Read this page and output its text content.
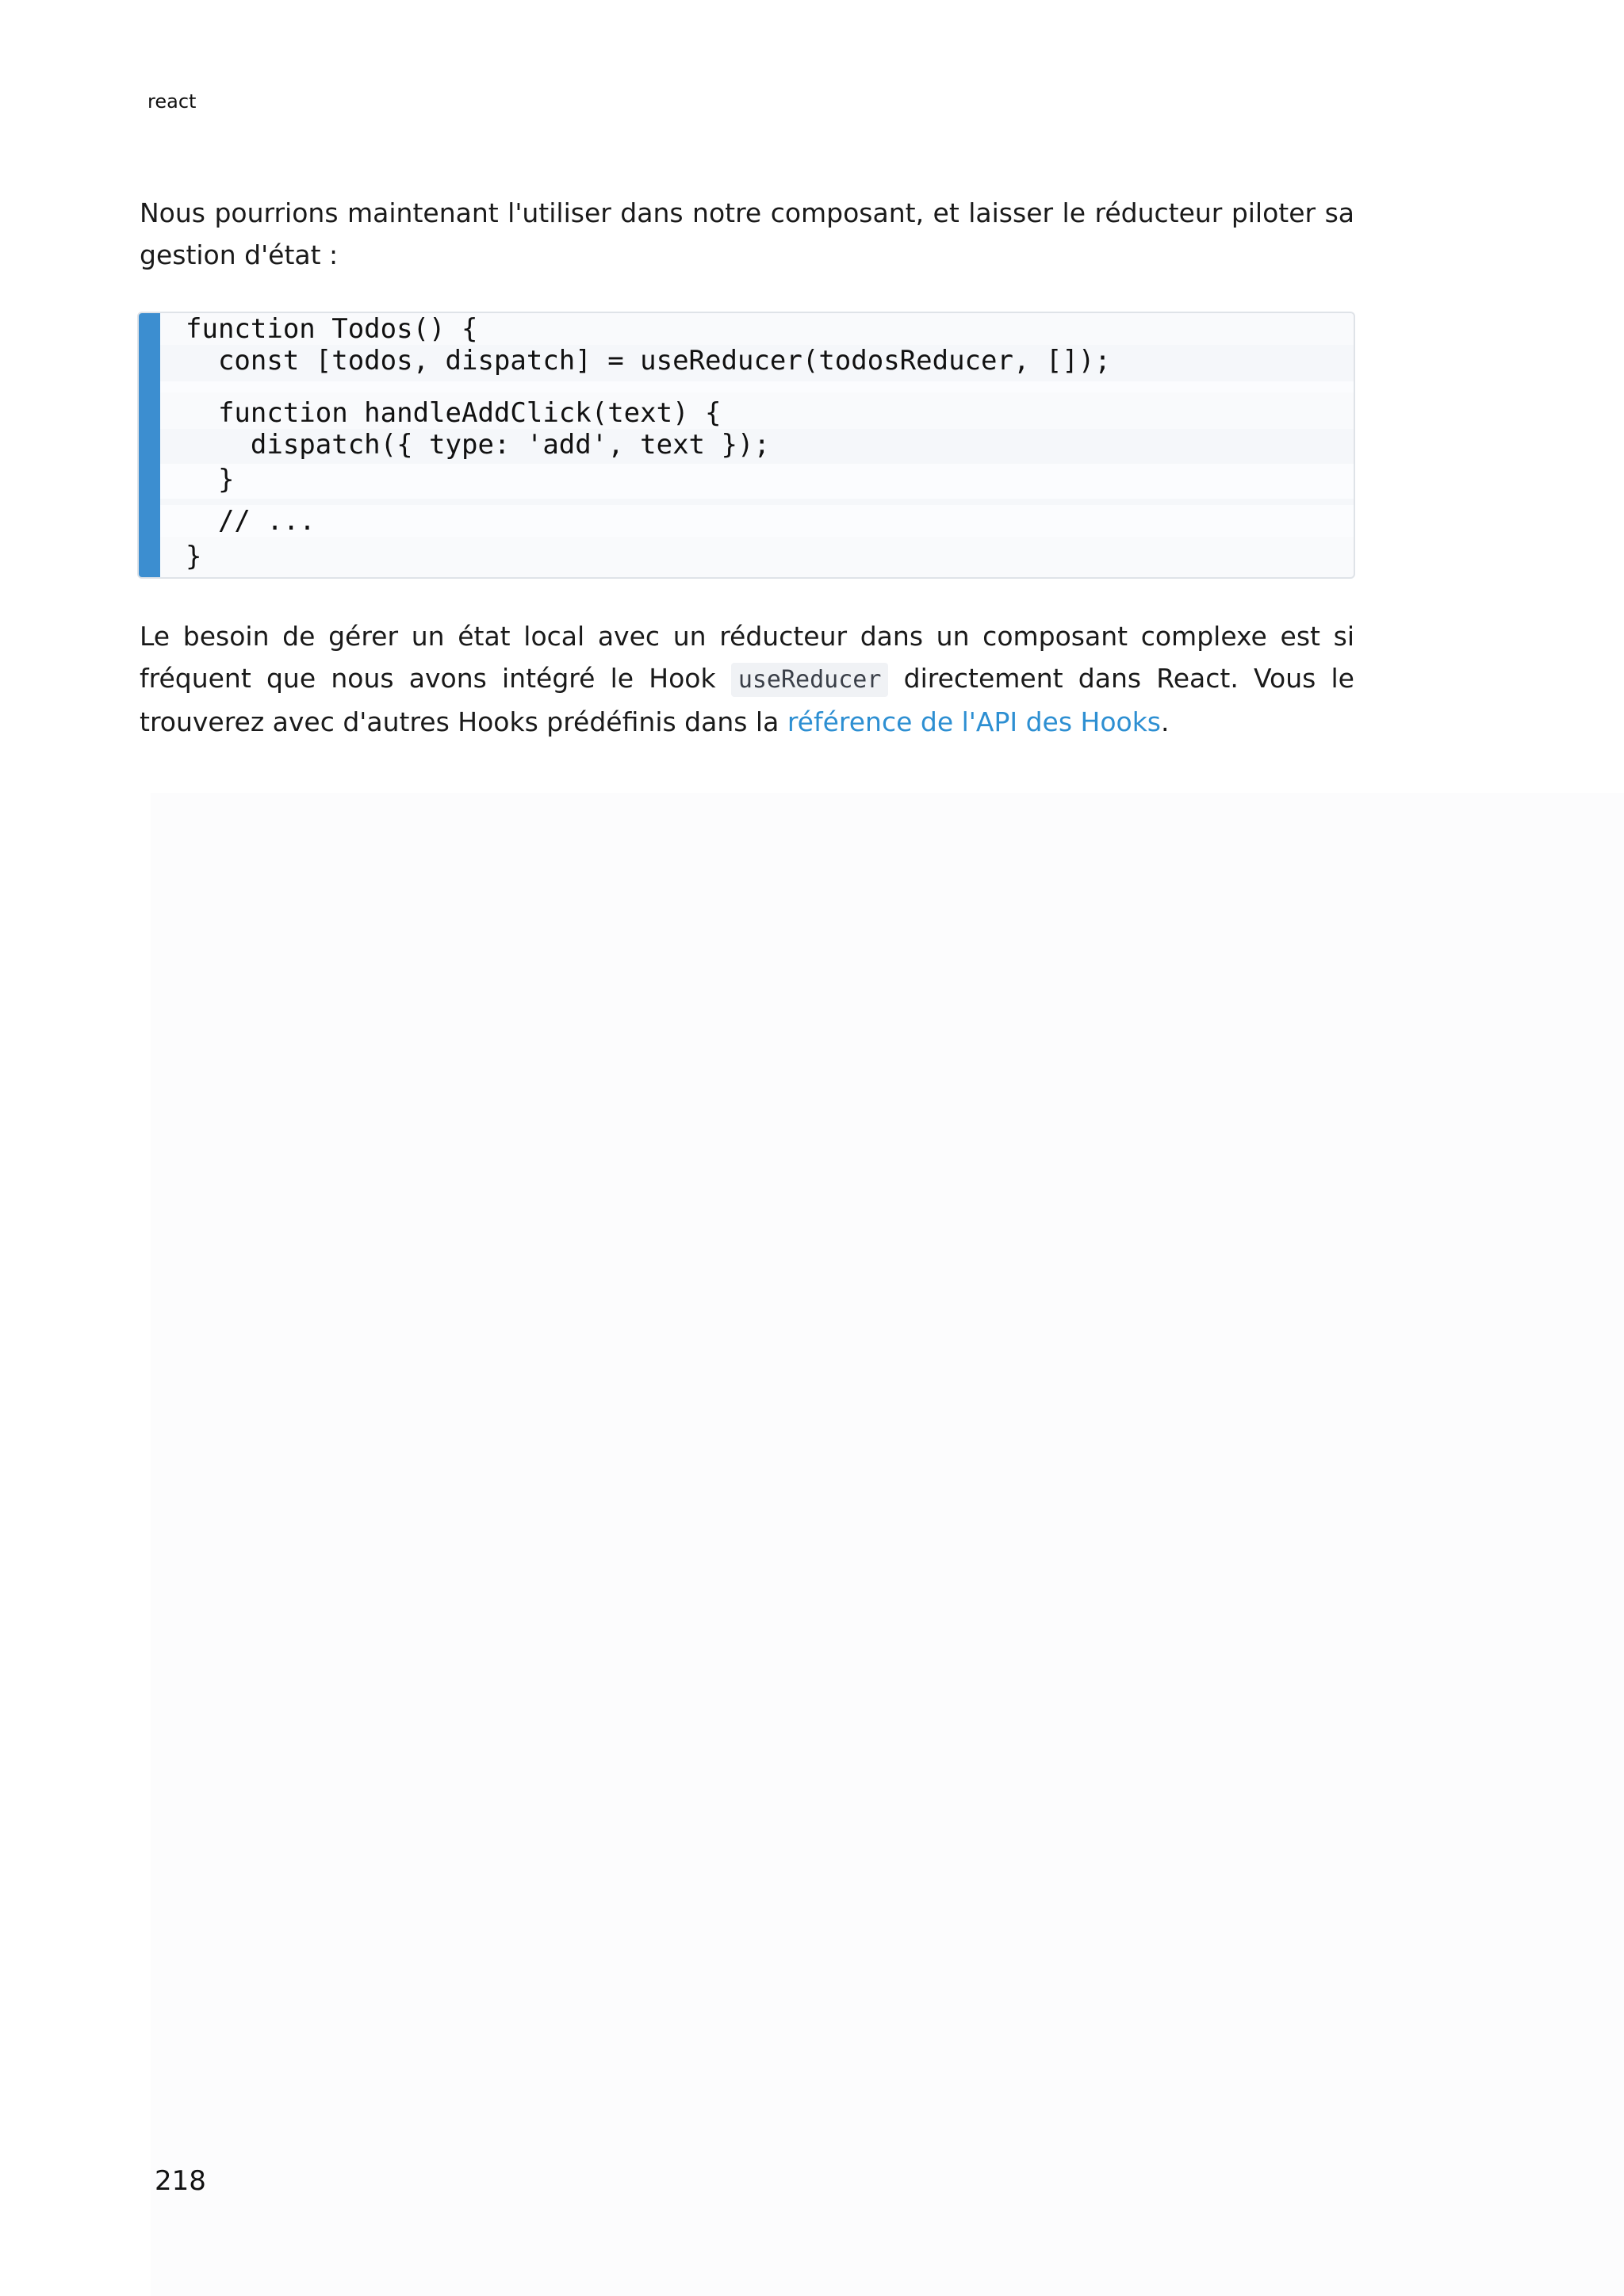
react

Nous pourrions maintenant l'utiliser dans notre composant, et laisser le réducteur piloter sa gestion d'état :

function Todos() {
const [todos, dispatch] = useReducer(todosReducer, []);
function handleAddClick(text) {
dispatch({ type: 'add', text });
}
// ...
}

Le besoin de gérer un état local avec un réducteur dans un composant complexe est si fréquent que nous avons intégré le Hook useReducer directement dans React. Vous le trouverez avec d'autres Hooks prédéfinis dans la référence de l'API des Hooks.

218
